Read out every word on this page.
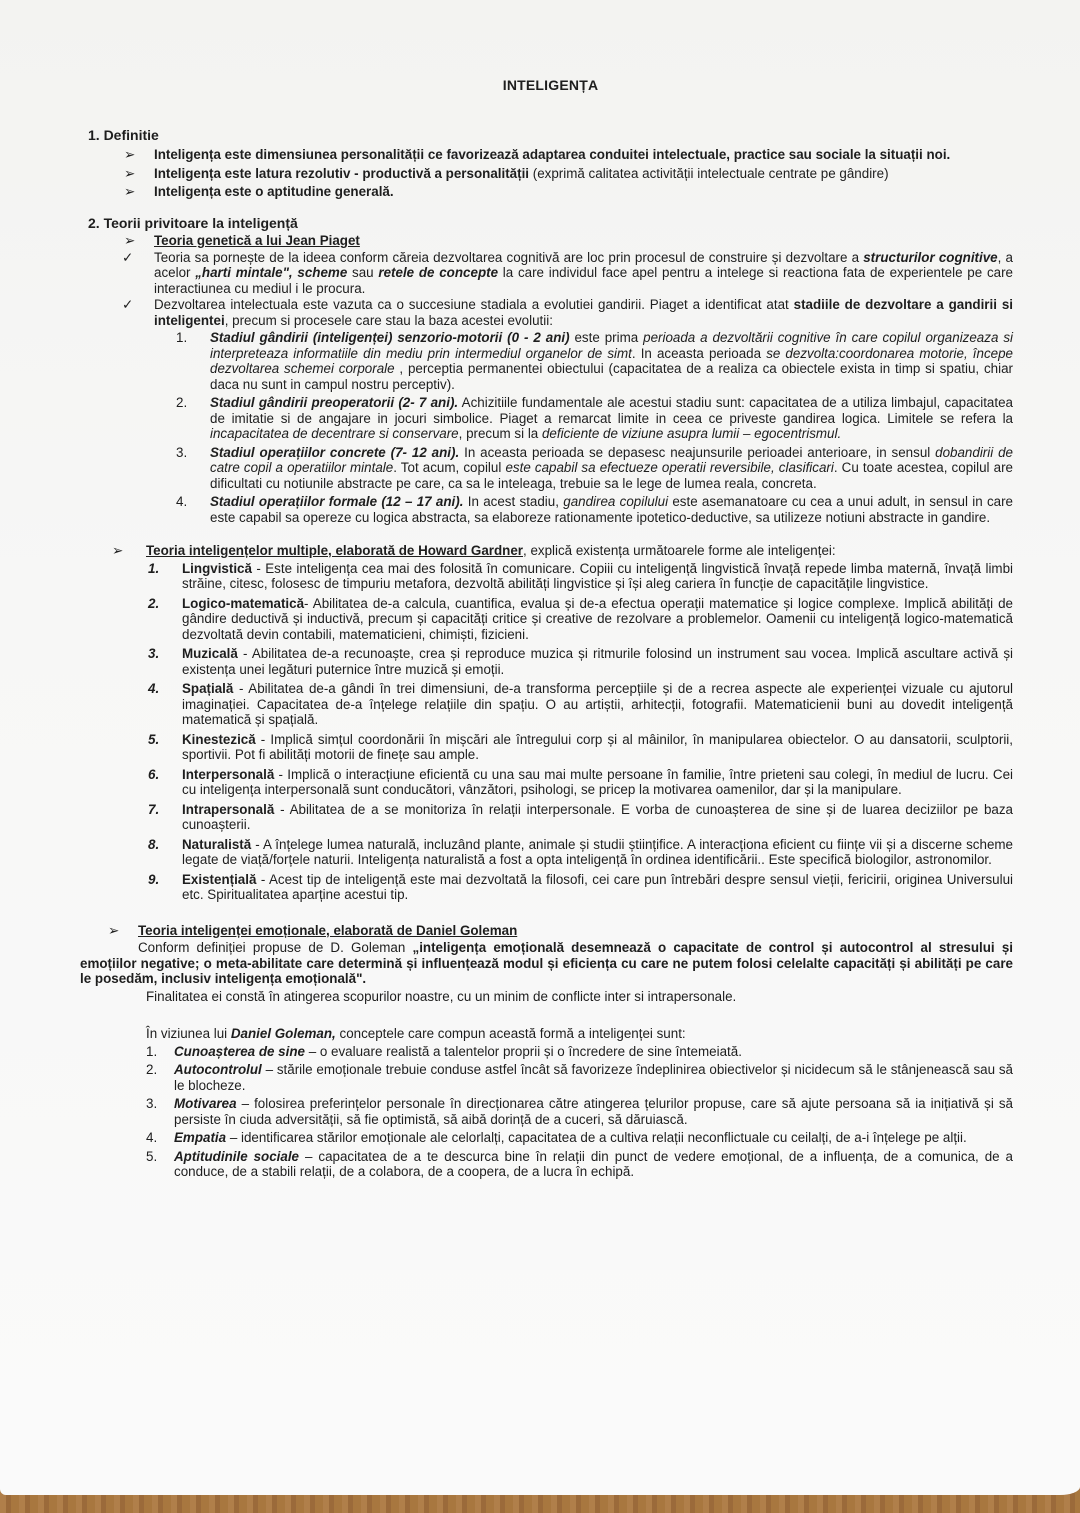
INTELIGENȚA
1. Definitie
➢ Inteligența este dimensiunea personalității ce favorizează adaptarea conduitei intelectuale, practice sau sociale la situații noi.
➢ Inteligența este latura rezolutiv - productivă a personalității (exprimă calitatea activității intelectuale centrate pe gândire)
➢ Inteligența este o aptitudine generală.
2. Teorii privitoare la inteligență
➢ Teoria genetică a lui Jean Piaget
✓ Teoria sa pornește de la ideea conform căreia dezvoltarea cognitivă are loc prin procesul de construire și dezvoltare a structurilor cognitive, a acelor „harti mintale", scheme sau retele de concepte la care individul face apel pentru a intelege si reactiona fata de experientele pe care interactiunea cu mediul i le procura.
✓ Dezvoltarea intelectuala este vazuta ca o succesiune stadiala a evolutiei gandirii. Piaget a identificat atat stadiile de dezvoltare a gandirii si inteligentei, precum si procesele care stau la baza acestei evolutii:
1. Stadiul gândirii (inteligenței) senzorio-motorii (0 - 2 ani) este prima perioada a dezvoltării cognitive în care copilul organizeaza si interpreteaza informatiile din mediu prin intermediul organelor de simt. In aceasta perioada se dezvolta:coordonarea motorie, începe dezvoltarea schemei corporale , perceptia permanentei obiectului (capacitatea de a realiza ca obiectele exista in timp si spatiu, chiar daca nu sunt in campul nostru perceptiv).
2. Stadiul gândirii preoperatorii (2- 7 ani). Achizitiile fundamentale ale acestui stadiu sunt: capacitatea de a utiliza limbajul, capacitatea de imitatie si de angajare in jocuri simbolice. Piaget a remarcat limite in ceea ce priveste gandirea logica. Limitele se refera la incapacitatea de decentrare si conservare, precum si la deficiente de viziune asupra lumii – egocentrismul.
3. Stadiul operațiilor concrete (7- 12 ani). In aceasta perioada se depasesc neajunsurile perioadei anterioare, in sensul dobandirii de catre copil a operatiilor mintale. Tot acum, copilul este capabil sa efectueze operatii reversibile, clasificari. Cu toate acestea, copilul are dificultati cu notiunile abstracte pe care, ca sa le inteleaga, trebuie sa le lege de lumea reala, concreta.
4. Stadiul operațiilor formale (12 – 17 ani). In acest stadiu, gandirea copilului este asemanatoare cu cea a unui adult, in sensul in care este capabil sa opereze cu logica abstracta, sa elaboreze rationamente ipotetico-deductive, sa utilizeze notiuni abstracte in gandire.
➢ Teoria inteligențelor multiple, elaborată de Howard Gardner, explică existența următoarele forme ale inteligenței:
1. Lingvistică - Este inteligența cea mai des folosită în comunicare. Copiii cu inteligență lingvistică învață repede limba maternă, învață limbi străine, citesc, folosesc de timpuriu metafora, dezvoltă abilități lingvistice și își aleg cariera în funcție de capacitățile lingvistice.
2. Logico-matematică- Abilitatea de-a calcula, cuantifica, evalua și de-a efectua operații matematice și logice complexe. Implică abilități de gândire deductivă și inductivă, precum și capacități critice și creative de rezolvare a problemelor. Oamenii cu inteligență logico-matematică dezvoltată devin contabili, matematicieni, chimiști, fizicieni.
3. Muzicală - Abilitatea de-a recunoaște, crea și reproduce muzica și ritmurile folosind un instrument sau vocea. Implică ascultare activă și existența unei legături puternice între muzică și emoții.
4. Spațială - Abilitatea de-a gândi în trei dimensiuni, de-a transforma percepțiile și de a recrea aspecte ale experienței vizuale cu ajutorul imaginației. Capacitatea de-a înțelege relațiile din spațiu. O au artiștii, arhitecții, fotografii. Matematicienii buni au dovedit inteligență matematică și spațială.
5. Kinestezică - Implică simțul coordonării în mișcări ale întregului corp și al mâinilor, în manipularea obiectelor. O au dansatorii, sculptorii, sportivii. Pot fi abilități motorii de finețe sau ample.
6. Interpersonală - Implică o interacțiune eficientă cu una sau mai multe persoane în familie, între prieteni sau colegi, în mediul de lucru. Cei cu inteligența interpersonală sunt conducători, vânzători, psihologi, se pricep la motivarea oamenilor, dar și la manipulare.
7. Intrapersonală - Abilitatea de a se monitoriza în relații interpersonale. E vorba de cunoașterea de sine și de luarea deciziilor pe baza cunoașterii.
8. Naturalistă - A înțelege lumea naturală, incluzând plante, animale și studii științifice. A interacționa eficient cu ființe vii și a discerne scheme legate de viață/forțele naturii. Inteligența naturalistă a fost a opta inteligență în ordinea identificării.. Este specifică biologilor, astronomilor.
9. Existențială - Acest tip de inteligență este mai dezvoltată la filosofi, cei care pun întrebări despre sensul vieții, fericirii, originea Universului etc. Spiritualitatea aparține acestui tip.
➢ Teoria inteligenței emoționale, elaborată de Daniel Goleman
Conform definiției propuse de D. Goleman „inteligența emoțională desemnează o capacitate de control și autocontrol al stresului și emoțiilor negative; o meta-abilitate care determină și influențează modul și eficiența cu care ne putem folosi celelalte capacități și abilități pe care le posedăm, inclusiv inteligența emoțională".
Finalitatea ei constă în atingerea scopurilor noastre, cu un minim de conflicte inter si intrapersonale.
În viziunea lui Daniel Goleman, conceptele care compun această formă a inteligenței sunt:
1. Cunoașterea de sine – o evaluare realistă a talentelor proprii și o încredere de sine întemeiată.
2. Autocontrolul – stările emoționale trebuie conduse astfel încât să favorizeze îndeplinirea obiectivelor și nicidecum să le stânjenească sau să le blocheze.
3. Motivarea – folosirea preferințelor personale în direcționarea către atingerea țelurilor propuse, care să ajute persoana să ia inițiativă și să persiste în ciuda adversității, să fie optimistă, să aibă dorință de a cuceri, să dăruiască.
4. Empatia – identificarea stărilor emoționale ale celorlalți, capacitatea de a cultiva relații neconflictuale cu ceilalți, de a-i înțelege pe alții.
5. Aptitudinile sociale – capacitatea de a te descurca bine în relații din punct de vedere emoțional, de a influența, de a comunica, de a conduce, de a stabili relații, de a colabora, de a coopera, de a lucra în echipă.
